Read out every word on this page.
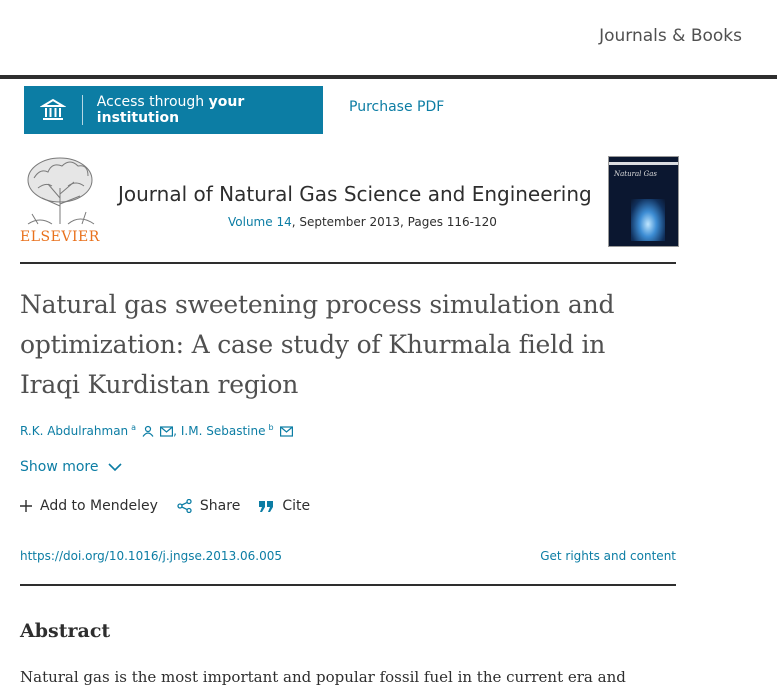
Journals & Books
Access through your institution
Purchase PDF
ELSEVIER
Journal of Natural Gas Science and Engineering
Volume 14, September 2013, Pages 116-120
Natural Gas
Natural gas sweetening process simulation and optimization: A case study of Khurmala field in Iraqi Kurdistan region
R.K. Abdulrahman $^a$	, I.M. Sebastine $^b$
Show more
Add to Mendeley	Share	Cite
https://doi.org/10.1016/j.jngse.2013.06.005	Get rights and content
Abstract

Natural gas is the most important and popular fossil fuel in the current era and
